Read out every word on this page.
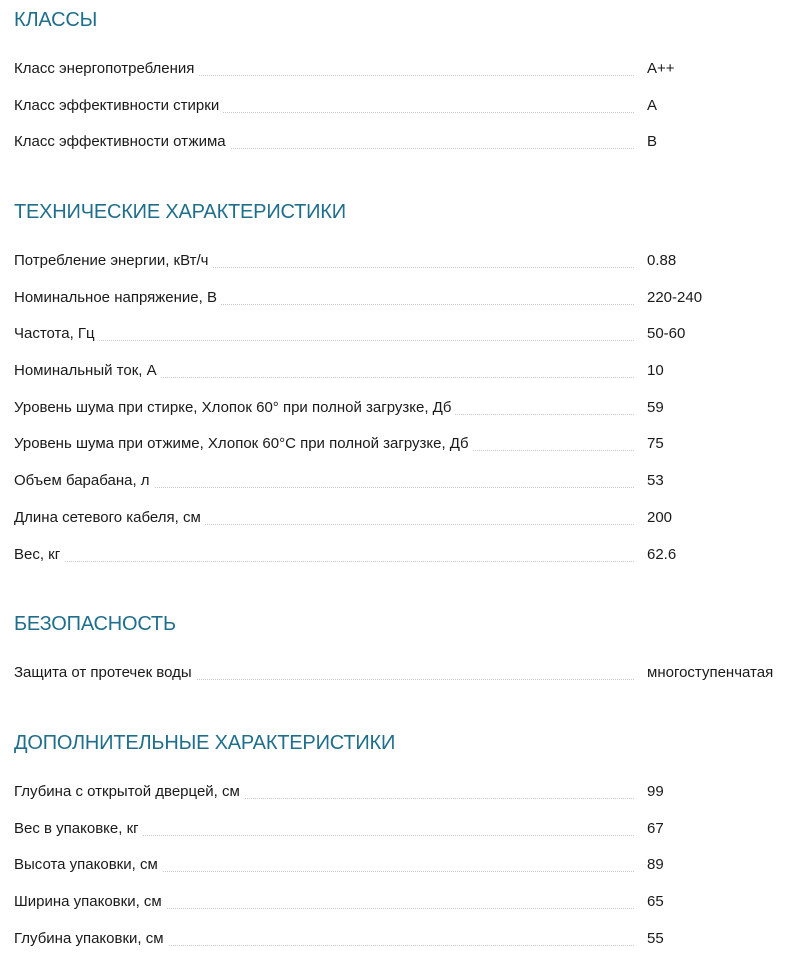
КЛАССЫ
Класс энергопотребления	A++
Класс эффективности стирки	A
Класс эффективности отжима	B
ТЕХНИЧЕСКИЕ ХАРАКТЕРИСТИКИ
Потребление энергии, кВт/ч	0.88
Номинальное напряжение, В	220-240
Частота, Гц	50-60
Номинальный ток, А	10
Уровень шума при стирке, Хлопок 60° при полной загрузке, Дб	59
Уровень шума при отжиме, Хлопок 60°С при полной загрузке, Дб	75
Объем барабана, л	53
Длина сетевого кабеля, см	200
Вес, кг	62.6
БЕЗОПАСНОСТЬ
Защита от протечек воды	многоступенчатая
ДОПОЛНИТЕЛЬНЫЕ ХАРАКТЕРИСТИКИ
Глубина с открытой дверцей, см	99
Вес в упаковке, кг	67
Высота упаковки, см	89
Ширина упаковки, см	65
Глубина упаковки, см	55
